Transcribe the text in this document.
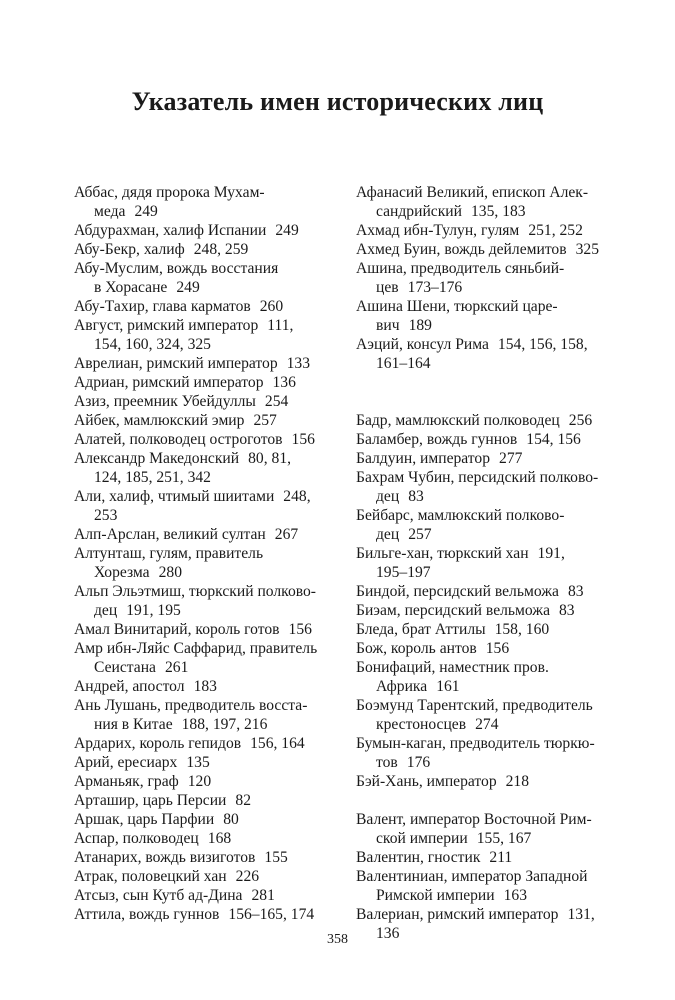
Указатель имен исторических лиц
Аббас, дядя пророка Мухам-
меда 249
Абдурахман, халиф Испании 249
Абу-Бекр, халиф 248, 259
Абу-Муслим, вождь восстания
в Хорасане 249
Абу-Тахир, глава карматов 260
Август, римский император 111,
154, 160, 324, 325
Аврелиан, римский император 133
Адриан, римский император 136
Азиз, преемник Убейдуллы 254
Айбек, мамлюкский эмир 257
Алатей, полководец остроготов 156
Александр Македонский 80, 81,
124, 185, 251, 342
Али, халиф, чтимый шиитами 248,
253
Алп-Арслан, великий султан 267
Алтунташ, гулям, правитель
Хорезма 280
Альп Эльэтмиш, тюркский полково-
дец 191, 195
Амал Винитарий, король готов 156
Амр ибн-Ляйс Саффарид, правитель
Сеистана 261
Андрей, апостол 183
Ань Лушань, предводитель восста-
ния в Китае 188, 197, 216
Ардарих, король гепидов 156, 164
Арий, ересиарх 135
Арманьяк, граф 120
Арташир, царь Персии 82
Аршак, царь Парфии 80
Аспар, полководец 168
Атанарих, вождь визиготов 155
Атрак, половецкий хан 226
Атсыз, сын Кутб ад-Дина 281
Аттила, вождь гуннов 156–165, 174
Афанасий Великий, епископ Алек-
сандрийский 135, 183
Ахмад ибн-Тулун, гулям 251, 252
Ахмед Буин, вождь дейлемитов 325
Ашина, предводитель сяньбий-
цев 173–176
Ашина Шени, тюркский царе-
вич 189
Аэций, консул Рима 154, 156, 158,
161–164
Бадр, мамлюкский полководец 256
Баламбер, вождь гуннов 154, 156
Балдуин, император 277
Бахрам Чубин, персидский полково-
дец 83
Бейбарс, мамлюкский полково-
дец 257
Бильге-хан, тюркский хан 191,
195–197
Биндой, персидский вельможа 83
Биэам, персидский вельможа 83
Бледа, брат Аттилы 158, 160
Бож, король антов 156
Бонифаций, наместник пров.
Африка 161
Боэмунд Тарентский, предводитель
крестоносцев 274
Бумын-каган, предводитель тюркю-
тов 176
Бэй-Хань, император 218
Валент, император Восточной Рим-
ской империи 155, 167
Валентин, гностик 211
Валентиниан, император Западной
Римской империи 163
Валериан, римский император 131,
136
358
